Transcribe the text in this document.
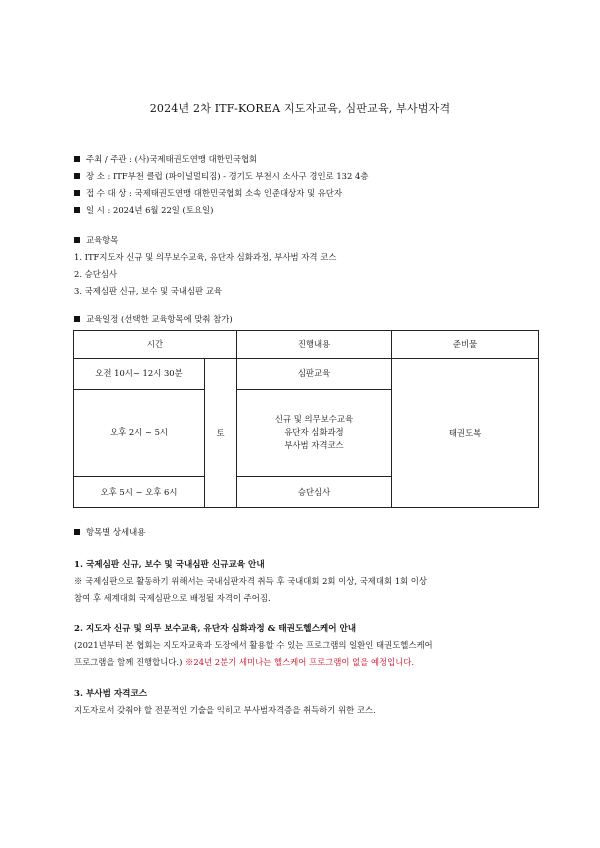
2024년 2차 ITF-KOREA 지도자교육, 심판교육, 부사범자격
주최 / 주관 : (사)국제태권도연맹 대한민국협회
장 소 : ITF부천 클럽 (파이널멀티짐) - 경기도 부천시 소사구 경인로 132 4층
접 수 대 상 : 국제태권도연맹 대한민국협회 소속 인준대상자 및 유단자
일 시 : 2024년 6월 22일 (토요일)
교육항목
1. ITF지도자 신규 및 의무보수교육, 유단자 심화과정, 부사범 자격 코스
2. 승단심사
3. 국제심판 신규, 보수 및 국내심판 교육
교육일정 (선택한 교육항목에 맞춰 참가)
시간		진행내용	준비물
오전 10시~ 12시 30분	토	심판교육	태권도복
오후 2시 ~ 5시		신규 및 의무보수교육
유단자 심화과정
부사범 자격코스	

오후 5시 ~ 오후 6시		승단심사	
항목별 상세내용
1. 국제심판 신규, 보수 및 국내심판 신규교육 안내
※ 국제심판으로 활동하기 위해서는 국내심판자격 취득 후 국내대회 2회 이상, 국제대회 1회 이상
참여 후 세계대회 국제심판으로 배정될 자격이 주어짐.
2. 지도자 신규 및 의무 보수교육, 유단자 심화과정 & 태권도헬스케어 안내
(2021년부터 본 협회는 지도자교육과 도장에서 활용할 수 있는 프로그램의 일환인 태권도헬스케어
프로그램을 함께 진행합니다.) ※24년 2분기 세미나는 헬스케어 프로그램이 없을 예정입니다.
3. 부사범 자격코스
지도자로서 갖춰야 할 전문적인 기술을 익히고 부사범자격증을 취득하기 위한 코스.
